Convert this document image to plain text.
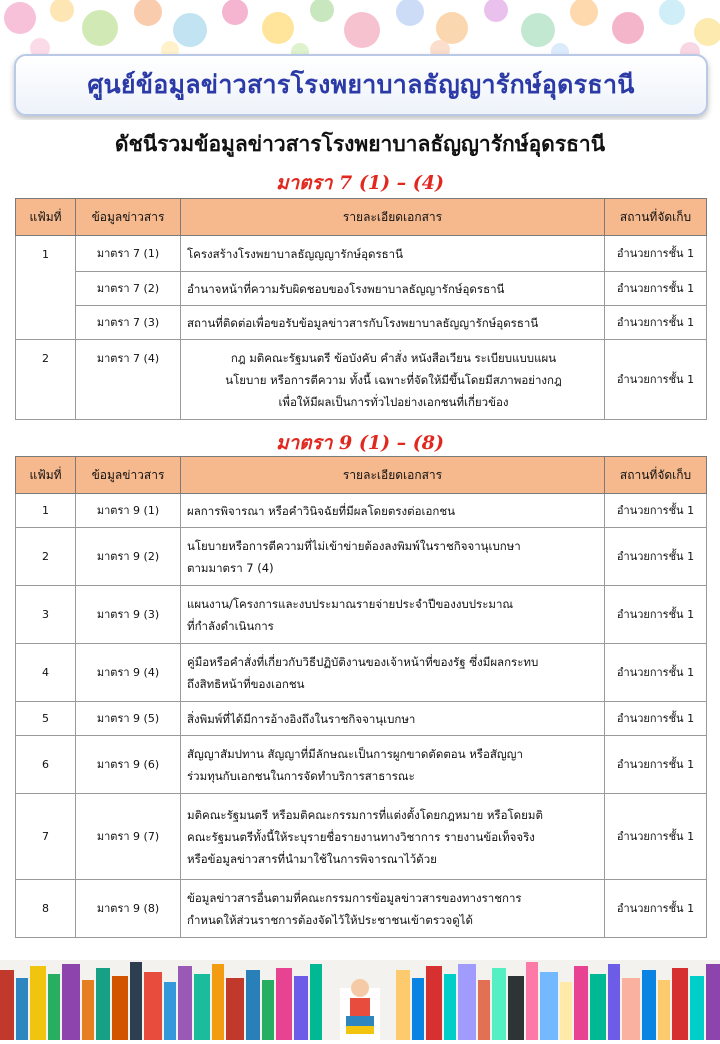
ศูนย์ข้อมูลข่าวสารโรงพยาบาลธัญญารักษ์อุดรธานี
ดัชนีรวมข้อมูลข่าวสารโรงพยาบาลธัญญารักษ์อุดรธานี
มาตรา 7 (1) – (4)
แฟ้มที่	ข้อมูลข่าวสาร	รายละเอียดเอกสาร	สถานที่จัดเก็บ
1	มาตรา 7 (1)	โครงสร้างโรงพยาบาลธัญญญารักษ์อุดรธานี	อำนวยการชั้น 1
	มาตรา 7 (2)	อำนาจหน้าที่ความรับผิดชอบของโรงพยาบาลธัญญารักษ์อุดรธานี	อำนวยการชั้น 1
	มาตรา 7 (3)	สถานที่ติดต่อเพื่อขอรับข้อมูลข่าวสารกับโรงพยาบาลธัญญารักษ์อุดรธานี	อำนวยการชั้น 1
2	มาตรา 7 (4)	กฎ มติคณะรัฐมนตรี ข้อบังคับ คำสั่ง หนังสือเวียน ระเบียบแบบแผน
นโยบาย หรือการตีความ ทั้งนี้ เฉพาะที่จัดให้มีขึ้นโดยมีสภาพอย่างกฎ
เพื่อให้มีผลเป็นการทั่วไปอย่างเอกชนที่เกี่ยวข้อง	อำนวยการชั้น 1
มาตรา 9 (1) – (8)
แฟ้มที่	ข้อมูลข่าวสาร	รายละเอียดเอกสาร	สถานที่จัดเก็บ
1	มาตรา 9 (1)	ผลการพิจารณา หรือคำวินิจฉัยที่มีผลโดยตรงต่อเอกชน	อำนวยการชั้น 1
2	มาตรา 9 (2)	นโยบายหรือการตีความที่ไม่เข้าข่ายต้องลงพิมพ์ในราชกิจจานุเบกษา
ตามมาตรา 7 (4)	อำนวยการชั้น 1
3	มาตรา 9 (3)	แผนงาน/โครงการและงบประมาณรายจ่ายประจำปีของงบประมาณ
ที่กำลังดำเนินการ	อำนวยการชั้น 1
4	มาตรา 9 (4)	คู่มือหรือคำสั่งที่เกี่ยวกับวิธีปฏิบัติงานของเจ้าหน้าที่ของรัฐ ซึ่งมีผลกระทบ
ถึงสิทธิหน้าที่ของเอกชน	อำนวยการชั้น 1
5	มาตรา 9 (5)	สิ่งพิมพ์ที่ได้มีการอ้างอิงถึงในราชกิจจานุเบกษา	อำนวยการชั้น 1
6	มาตรา 9 (6)	สัญญาสัมปทาน สัญญาที่มีลักษณะเป็นการผูกขาดตัดตอน หรือสัญญา
ร่วมทุนกับเอกชนในการจัดทำบริการสาธารณะ	อำนวยการชั้น 1
7	มาตรา 9 (7)	มติคณะรัฐมนตรี หรือมติคณะกรรมการที่แต่งตั้งโดยกฎหมาย หรือโดยมติ
คณะรัฐมนตรีทั้งนี้ให้ระบุรายชื่อรายงานทางวิชาการ รายงานข้อเท็จจริง
หรือข้อมูลข่าวสารที่นำมาใช้ในการพิจารณาไว้ด้วย	อำนวยการชั้น 1
8	มาตรา 9 (8)	ข้อมูลข่าวสารอื่นตามที่คณะกรรมการข้อมูลข่าวสารของทางราชการ
กำหนดให้ส่วนราชการต้องจัดไว้ให้ประชาชนเข้าตรวจดูได้	อำนวยการชั้น 1
